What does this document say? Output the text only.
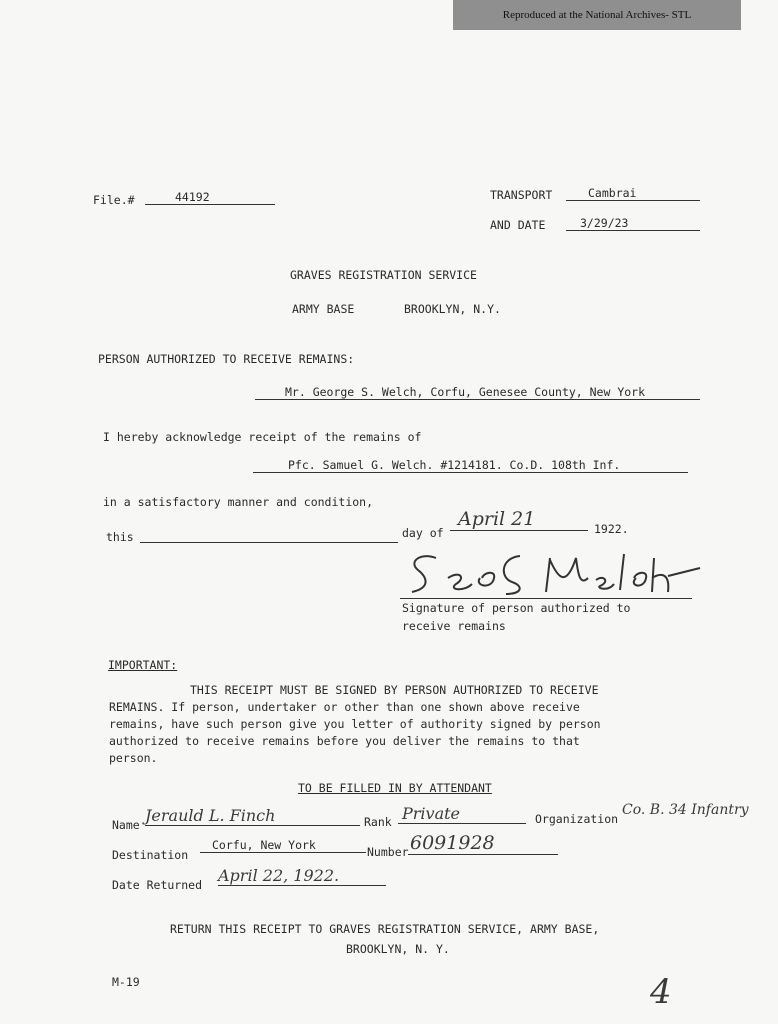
Reproduced at the National Archives- STL
File.#	44192	TRANSPORT	Cambrai
AND DATE	3/29/23
GRAVES REGISTRATION SERVICE
ARMY BASE	BROOKLYN, N.Y.
PERSON AUTHORIZED TO RECEIVE REMAINS:
Mr. George S. Welch, Corfu, Genesee County, New York
I hereby acknowledge receipt of the remains of
Pfc. Samuel G. Welch. #1214181. Co.D. 108th Inf.
in a satisfactory manner and condition,
this	day of
April 21	1922.
Signature of person authorized to
receive remains
IMPORTANT:
THIS RECEIPT MUST BE SIGNED BY PERSON AUTHORIZED TO RECEIVE
REMAINS. If person, undertaker or other than one shown above receive
remains, have such person give you letter of authority signed by person
authorized to receive remains before you deliver the remains to that
person.
TO BE FILLED IN BY ATTENDANT
Name Jerauld L. Finch	Rank Private	Organization
Co. B. 34 Infantry
Destination
Corfu, New York	Number 6091928
Date Returned April 22, 1922.
RETURN THIS RECEIPT TO GRAVES REGISTRATION SERVICE, ARMY BASE,
BROOKLYN, N. Y.
M-19	4
